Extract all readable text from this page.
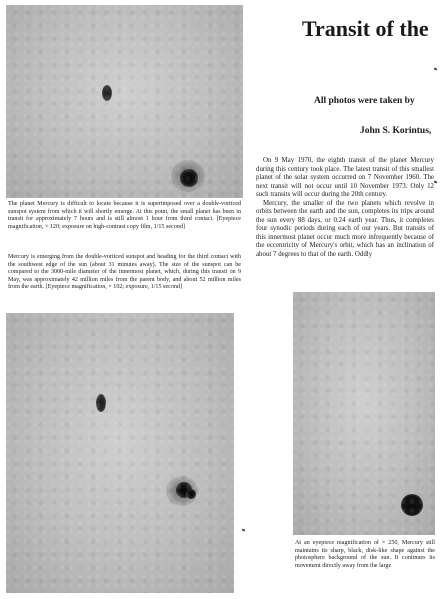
The planet Mercury is difficult to locate because it is superimposed over a double-vorticed sunspot system from which it will shortly emerge. At this point, the small planet has been in transit for approximately 7 hours and is still almost 1 hour from third contact. [Eyepiece magnification, × 120; exposure on high-contrast copy film, 1/15 second]

Mercury is emerging from the double-vorticed sunspot and heading for the third contact with the southwest edge of the sun (about 31 minutes away). The size of the sunspot can be compared to the 3000-mile diameter of the innermost planet, which, during this transit on 9 May, was approximately 42 million miles from the parent body, and about 52 million miles from the earth. [Eyepiece magnification, × 102; exposure, 1/15 second]

At an eyepiece magnification of × 250, Mercury still maintains its sharp, black, disk-like shape against the photosphere background of the sun. It continues its movement directly away from the large

Transit of the

All photos were taken by

John S. Korintus,

On 9 May 1970, the eighth transit of the planet Mercury during this century took place. The latest transit of this smallest planet of the solar system occurred on 7 November 1960. The next transit will not occur until 10 November 1973. Only 12 such transits will occur during the 20th century.

Mercury, the smaller of the two planets which revolve in orbits between the earth and the sun, completes its trips around the sun every 88 days, or 0.24 earth year. Thus, it completes four synodic periods during each of our years. But transits of this innermost planet occur much more infrequently because of the eccentricity of Mercury's orbit, which has an inclination of about 7 degrees to that of the earth. Oddly
